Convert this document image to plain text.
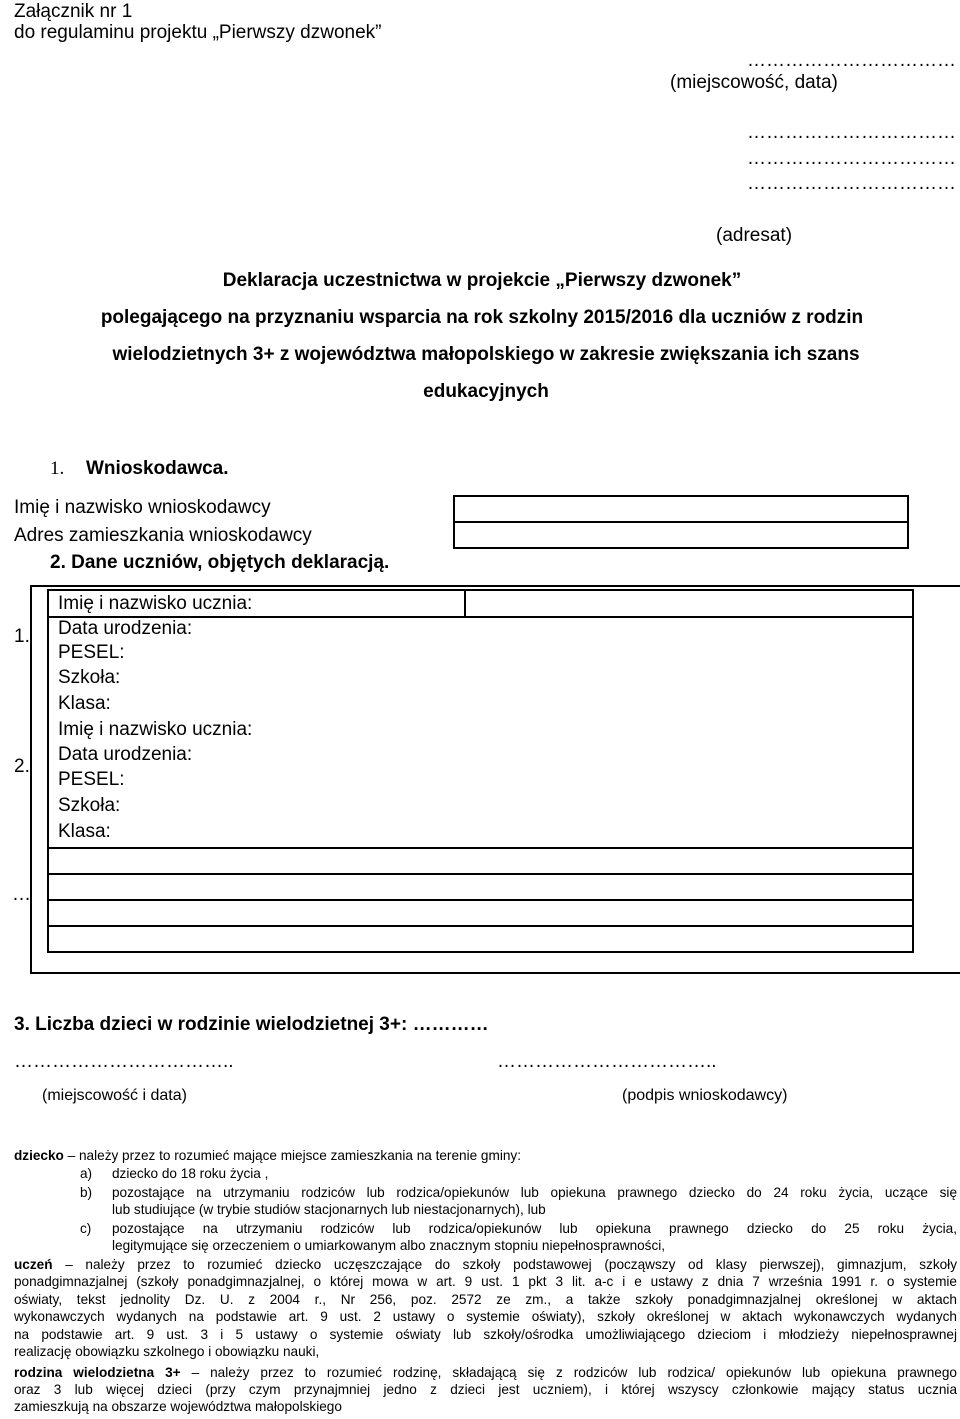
Załącznik nr 1
do regulaminu projektu „Pierwszy dzwonek”
……………………………
(miejscowość, data)
……………………………
……………………………
……………………………
(adresat)
Deklaracja uczestnictwa w projekcie „Pierwszy dzwonek”
polegającego na przyznaniu wsparcia na rok szkolny 2015/2016 dla uczniów z rodzin
wielodzietnych 3+ z województwa małopolskiego w zakresie zwiększania ich szans
edukacyjnych
1. Wnioskodawca.
Imię i nazwisko wnioskodawcy
Adres zamieszkania wnioskodawcy
2. Dane uczniów, objętych deklaracją.
1.
Imię i nazwisko ucznia:
Data urodzenia:
PESEL:
Szkoła:
Klasa:
2.
Imię i nazwisko ucznia:
Data urodzenia:
PESEL:
Szkoła:
Klasa:
…
3. Liczba dzieci w rodzinie wielodzietnej 3+: …………
……………………………..
(miejscowość i data)
……………………………..
(podpis wnioskodawcy)
dziecko – należy przez to rozumieć mające miejsce zamieszkania na terenie gminy:
a) dziecko do 18 roku życia ,
b) pozostające na utrzymaniu rodziców lub rodzica/opiekunów lub opiekuna prawnego dziecko do 24 roku życia, uczące się
lub studiujące (w trybie studiów stacjonarnych lub niestacjonarnych), lub
c) pozostające na utrzymaniu rodziców lub rodzica/opiekunów lub opiekuna prawnego dziecko do 25 roku życia,
legitymujące się orzeczeniem o umiarkowanym albo znacznym stopniu niepełnosprawności,
uczeń – należy przez to rozumieć dziecko uczęszczające do szkoły podstawowej (począwszy od klasy pierwszej), gimnazjum, szkoły
ponadgimnazjalnej (szkoły ponadgimnazjalnej, o której mowa w art. 9 ust. 1 pkt 3 lit. a-c i e ustawy z dnia 7 września 1991 r. o systemie
oświaty, tekst jednolity Dz. U. z 2004 r., Nr 256, poz. 2572 ze zm., a także szkoły ponadgimnazjalnej określonej w aktach
wykonawczych wydanych na podstawie art. 9 ust. 2 ustawy o systemie oświaty), szkoły określonej w aktach wykonawczych wydanych
na podstawie art. 9 ust. 3 i 5 ustawy o systemie oświaty lub szkoły/ośrodka umożliwiającego dzieciom i młodzieży niepełnosprawnej
realizację obowiązku szkolnego i obowiązku nauki,
rodzina wielodzietna 3+ – należy przez to rozumieć rodzinę, składającą się z rodziców lub rodzica/ opiekunów lub opiekuna prawnego
oraz 3 lub więcej dzieci (przy czym przynajmniej jedno z dzieci jest uczniem), i której wszyscy członkowie mający status ucznia
zamieszkują na obszarze województwa małopolskiego
